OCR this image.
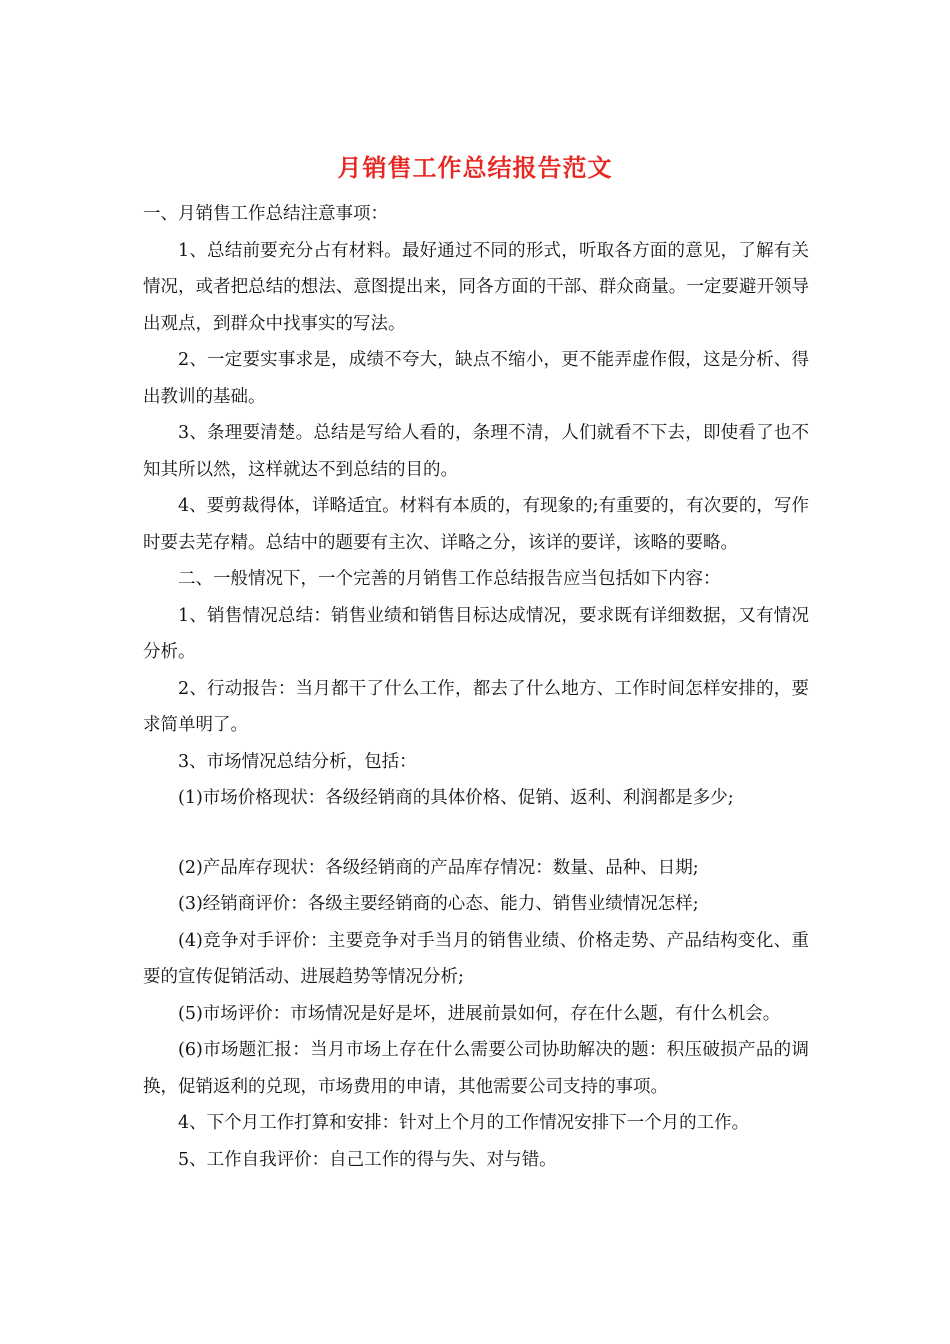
月销售工作总结报告范文

一、月销售工作总结注意事项：

1、总结前要充分占有材料。最好通过不同的形式，听取各方面的意见，了解有关情况，或者把总结的想法、意图提出来，同各方面的干部、群众商量。一定要避开领导出观点，到群众中找事实的写法。

2、一定要实事求是，成绩不夸大，缺点不缩小，更不能弄虚作假，这是分析、得出教训的基础。

3、条理要清楚。总结是写给人看的，条理不清，人们就看不下去，即使看了也不知其所以然，这样就达不到总结的目的。

4、要剪裁得体，详略适宜。材料有本质的，有现象的;有重要的，有次要的，写作时要去芜存精。总结中的题要有主次、详略之分，该详的要详，该略的要略。

二、一般情况下，一个完善的月销售工作总结报告应当包括如下内容：

1、销售情况总结：销售业绩和销售目标达成情况，要求既有详细数据，又有情况分析。

2、行动报告：当月都干了什么工作，都去了什么地方、工作时间怎样安排的，要求简单明了。

3、市场情况总结分析，包括：

(1)市场价格现状：各级经销商的具体价格、促销、返利、利润都是多少;

(2)产品库存现状：各级经销商的产品库存情况：数量、品种、日期;

(3)经销商评价：各级主要经销商的心态、能力、销售业绩情况怎样;

(4)竞争对手评价：主要竞争对手当月的销售业绩、价格走势、产品结构变化、重要的宣传促销活动、进展趋势等情况分析;

(5)市场评价：市场情况是好是坏，进展前景如何，存在什么题，有什么机会。

(6)市场题汇报：当月市场上存在什么需要公司协助解决的题：积压破损产品的调换，促销返利的兑现，市场费用的申请，其他需要公司支持的事项。

4、下个月工作打算和安排：针对上个月的工作情况安排下一个月的工作。

5、工作自我评价：自己工作的得与失、对与错。
